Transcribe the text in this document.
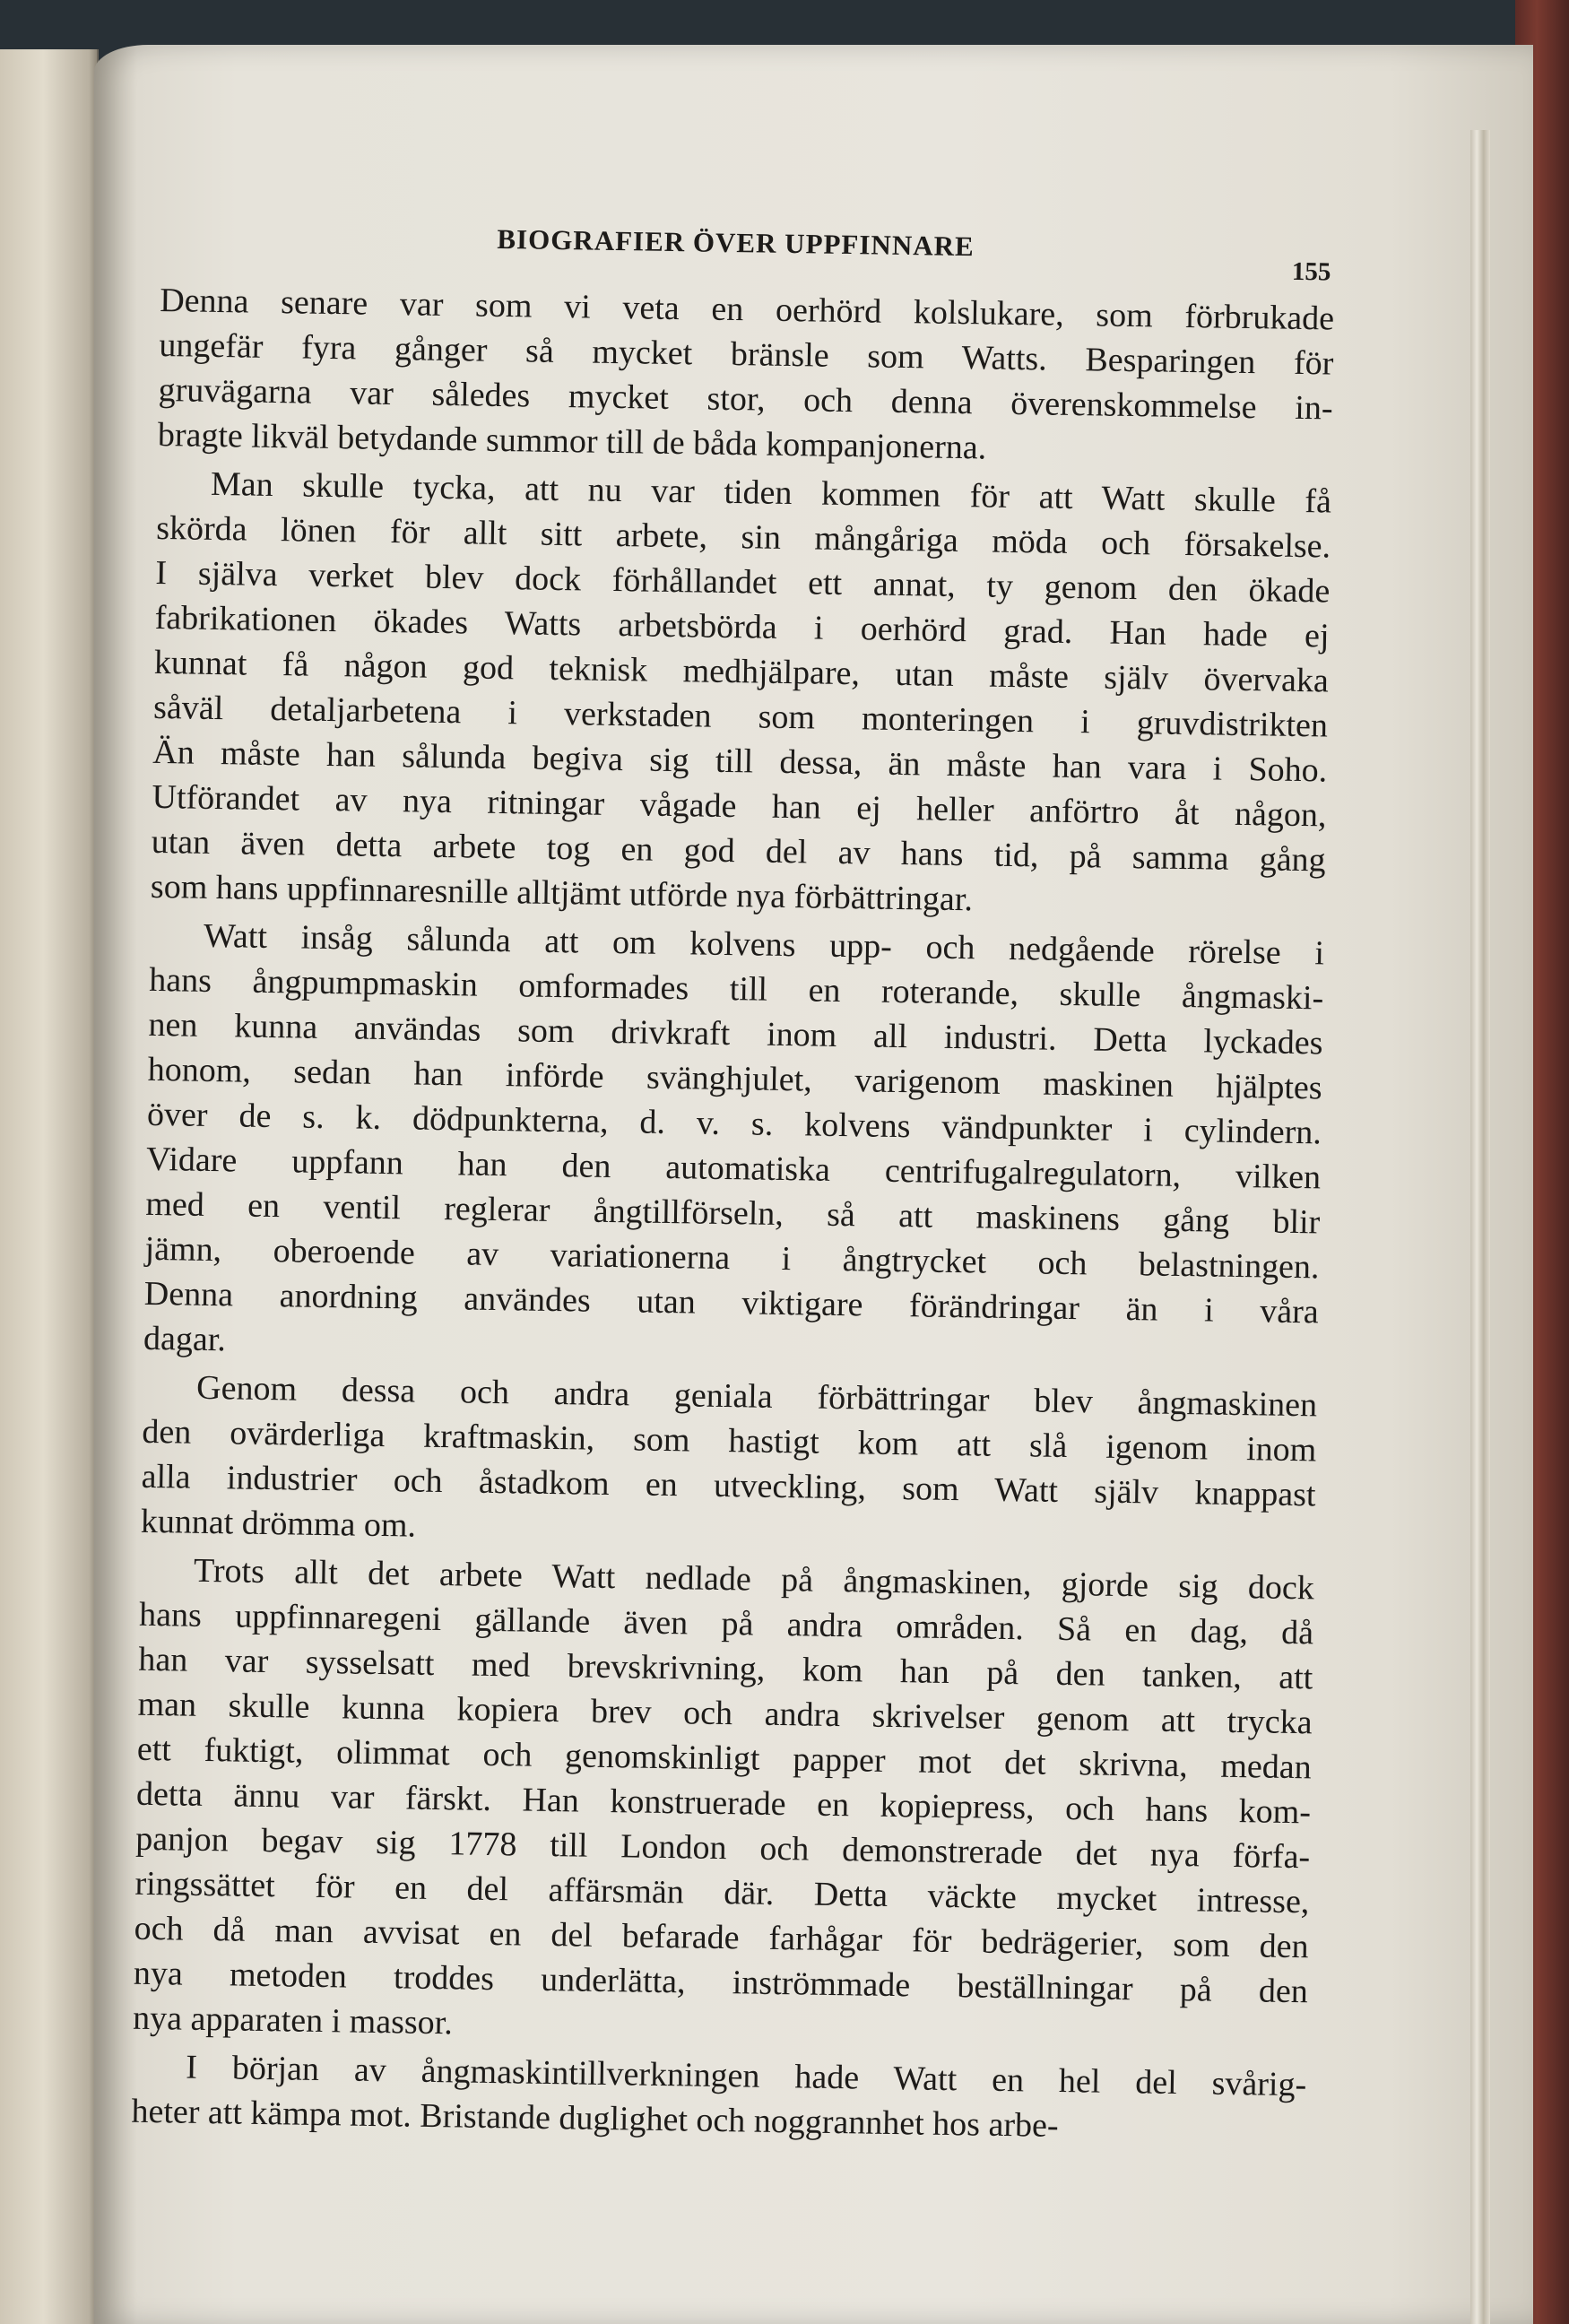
BIOGRAFIER ÖVER UPPFINNARE
155
Denna senare var som vi veta en oerhörd kolslukare, som förbrukade
ungefär fyra gånger så mycket bränsle som Watts. Besparingen för
gruvägarna var således mycket stor, och denna överenskommelse in-
bragte likväl betydande summor till de båda kompanjonerna.
Man skulle tycka, att nu var tiden kommen för att Watt skulle få
skörda lönen för allt sitt arbete, sin mångåriga möda och försakelse.
I själva verket blev dock förhållandet ett annat, ty genom den ökade
fabrikationen ökades Watts arbetsbörda i oerhörd grad. Han hade ej
kunnat få någon god teknisk medhjälpare, utan måste själv övervaka
såväl detaljarbetena i verkstaden som monteringen i gruvdistrikten
Än måste han sålunda begiva sig till dessa, än måste han vara i Soho.
Utförandet av nya ritningar vågade han ej heller anförtro åt någon,
utan även detta arbete tog en god del av hans tid, på samma gång
som hans uppfinnaresnille alltjämt utförde nya förbättringar.
Watt insåg sålunda att om kolvens upp- och nedgående rörelse i
hans ångpumpmaskin omformades till en roterande, skulle ångmaski-
nen kunna användas som drivkraft inom all industri. Detta lyckades
honom, sedan han införde svänghjulet, varigenom maskinen hjälptes
över de s. k. dödpunkterna, d. v. s. kolvens vändpunkter i cylindern.
Vidare uppfann han den automatiska centrifugalregulatorn, vilken
med en ventil reglerar ångtillförseln, så att maskinens gång blir
jämn, oberoende av variationerna i ångtrycket och belastningen.
Denna anordning användes utan viktigare förändringar än i våra
dagar.
Genom dessa och andra geniala förbättringar blev ångmaskinen
den ovärderliga kraftmaskin, som hastigt kom att slå igenom inom
alla industrier och åstadkom en utveckling, som Watt själv knappast
kunnat drömma om.
Trots allt det arbete Watt nedlade på ångmaskinen, gjorde sig dock
hans uppfinnaregeni gällande även på andra områden. Så en dag, då
han var sysselsatt med brevskrivning, kom han på den tanken, att
man skulle kunna kopiera brev och andra skrivelser genom att trycka
ett fuktigt, olimmat och genomskinligt papper mot det skrivna, medan
detta ännu var färskt. Han konstruerade en kopiepress, och hans kom-
panjon begav sig 1778 till London och demonstrerade det nya förfa-
ringssättet för en del affärsmän där. Detta väckte mycket intresse,
och då man avvisat en del befarade farhågar för bedrägerier, som den
nya metoden troddes underlätta, inströmmade beställningar på den
nya apparaten i massor.
I början av ångmaskintillverkningen hade Watt en hel del svårig-
heter att kämpa mot. Bristande duglighet och noggrannhet hos arbe-
